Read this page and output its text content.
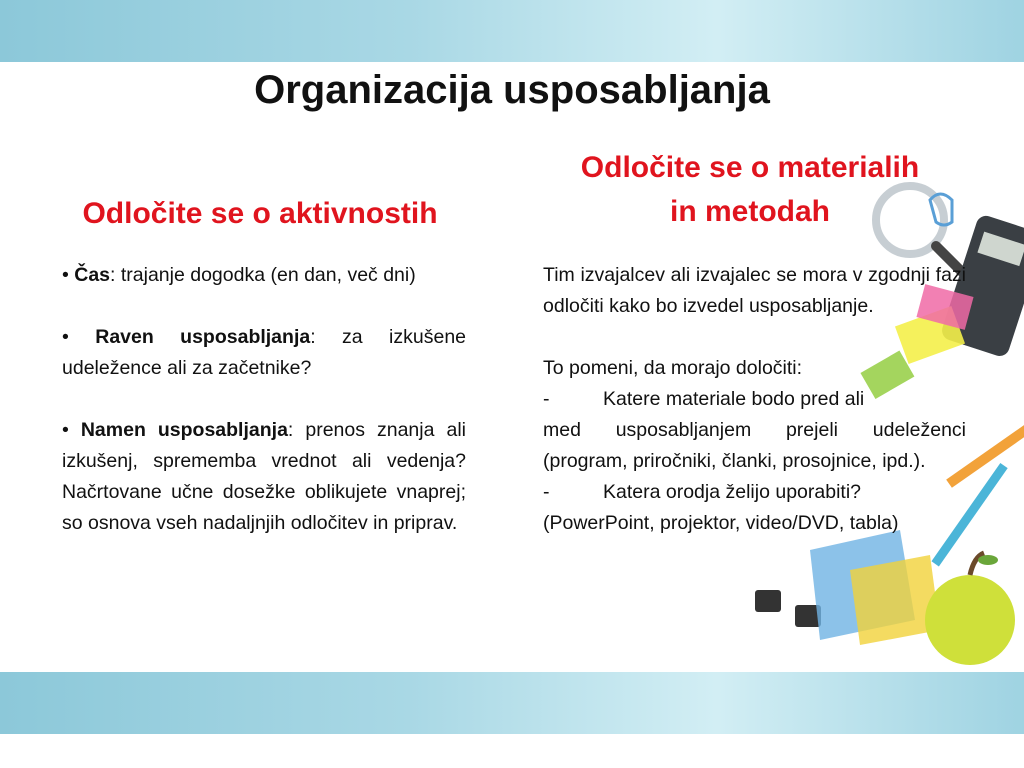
Organizacija usposabljanja
Odločite se o aktivnostih
Odločite se o materialih
in metodah

• Čas: trajanje dogodka (en dan, več dni)

• Raven usposabljanja: za izkušene udeležence ali za začetnike?

• Namen usposabljanja: prenos znanja ali izkušenj, sprememba vrednot ali vedenja? Načrtovane učne dosežke oblikujete vnaprej; so osnova vseh nadaljnjih odločitev in priprav.

Tim izvajalcev ali izvajalec se mora v zgodnji fazi odločiti kako bo izvedel usposabljanje.

To pomeni, da morajo določiti:

-	Katere materiale bodo pred ali

med usposabljanjem prejeli udeleženci (program, priročniki, članki, prosojnice, ipd.).

-	Katera orodja želijo uporabiti?

(PowerPoint, projektor, video/DVD, tabla)
